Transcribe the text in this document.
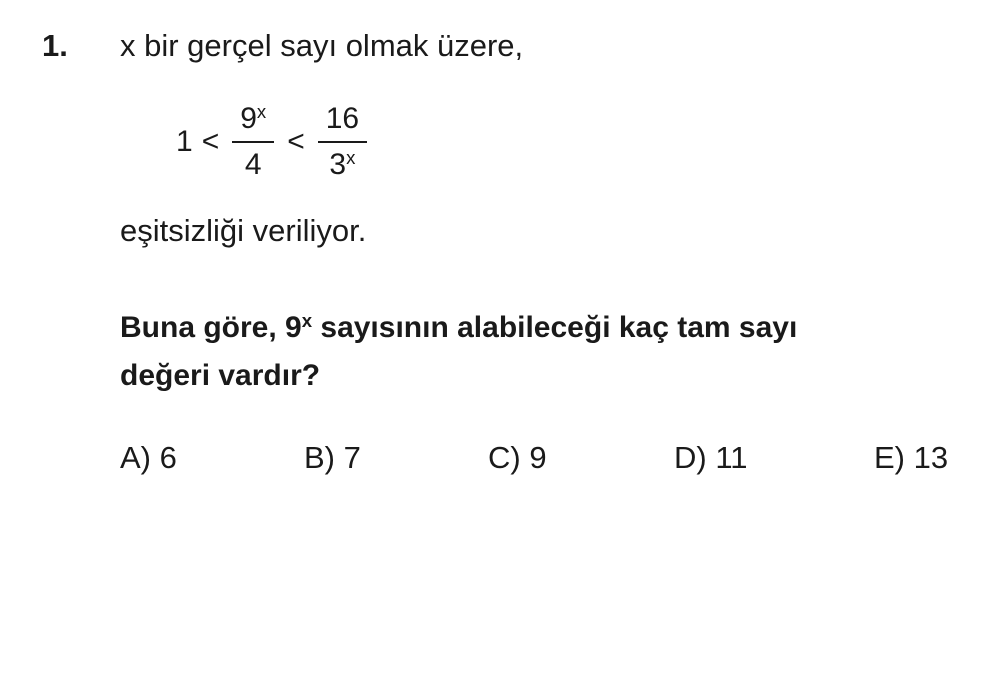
1. x bir gerçel sayı olmak üzere,
$1 < \frac{9^x}{4} < \frac{16}{3^x}$
eşitsizliği veriliyor.
Buna göre, 9$^x$ sayısının alabileceği kaç tam sayı
değeri vardır?
A) 6	B) 7	C) 9	D) 11	E) 13
